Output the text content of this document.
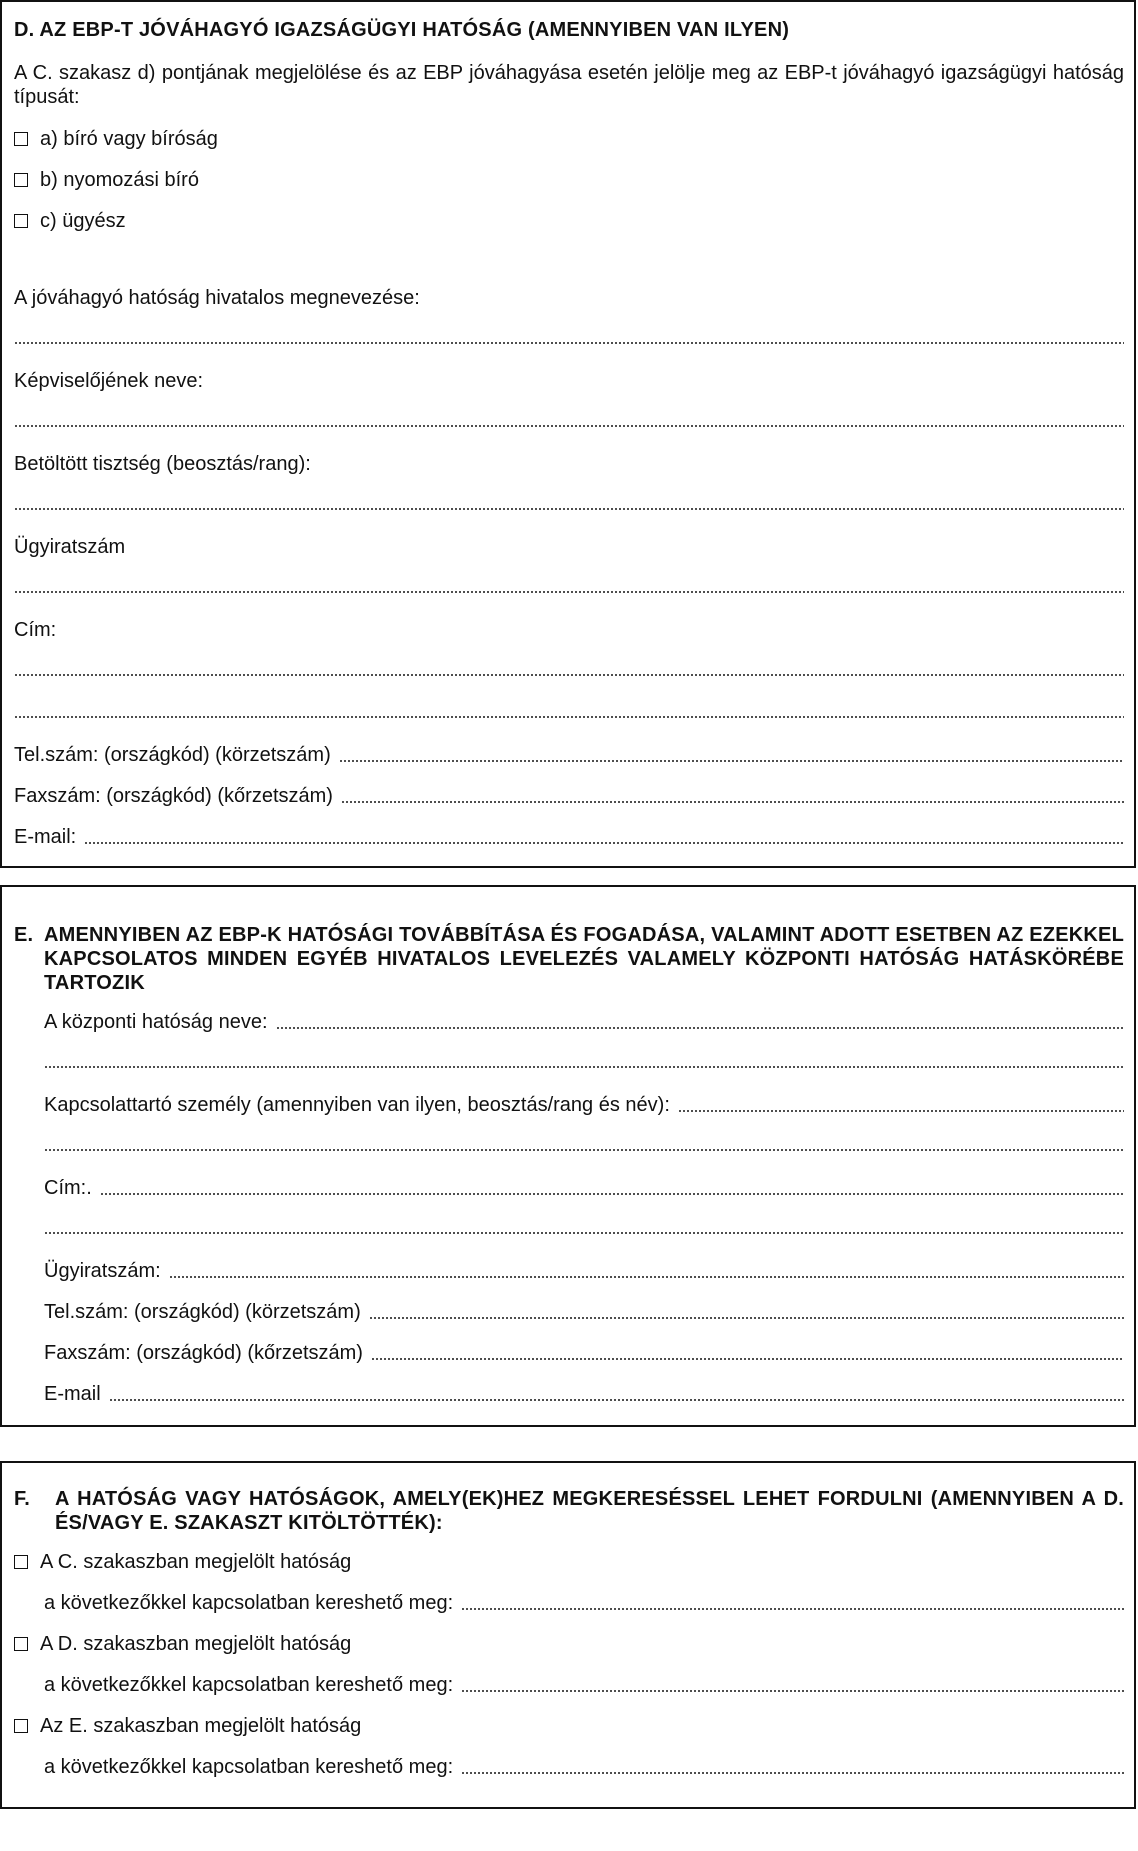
D. AZ EBP-T JÓVÁHAGYÓ IGAZSÁGÜGYI HATÓSÁG (AMENNYIBEN VAN ILYEN)
A C. szakasz d) pontjának megjelölése és az EBP jóváhagyása esetén jelölje meg az EBP-t jóváhagyó igazságügyi hatóság típusát:
a) bíró vagy bíróság
b) nyomozási bíró
c) ügyész
A jóváhagyó hatóság hivatalos megnevezése:
Képviselőjének neve:
Betöltött tisztség (beosztás/rang):
Ügyiratszám
Cím:
Tel.szám: (országkód) (körzetszám)
Faxszám: (országkód) (kőrzetszám)
E-mail:
E. AMENNYIBEN AZ EBP-K HATÓSÁGI TOVÁBBÍTÁSA ÉS FOGADÁSA, VALAMINT ADOTT ESETBEN AZ EZEKKEL KAPCSOLATOS MINDEN EGYÉB HIVATALOS LEVELEZÉS VALAMELY KÖZPONTI HATÓSÁG HATÁSKÖRÉBE TARTOZIK
A központi hatóság neve:
Kapcsolattartó személy (amennyiben van ilyen, beosztás/rang és név):
Cím:.
Ügyiratszám:
Tel.szám: (országkód) (körzetszám)
Faxszám: (országkód) (kőrzetszám)
E-mail
F. A HATÓSÁG VAGY HATÓSÁGOK, AMELY(EK)HEZ MEGKERESÉSSEL LEHET FORDULNI (AMENNYIBEN A D. ÉS/VAGY E. SZAKASZT KITÖLTÖTTÉK):
A C. szakaszban megjelölt hatóság
a következőkkel kapcsolatban kereshető meg:
A D. szakaszban megjelölt hatóság
a következőkkel kapcsolatban kereshető meg:
Az E. szakaszban megjelölt hatóság
a következőkkel kapcsolatban kereshető meg:
